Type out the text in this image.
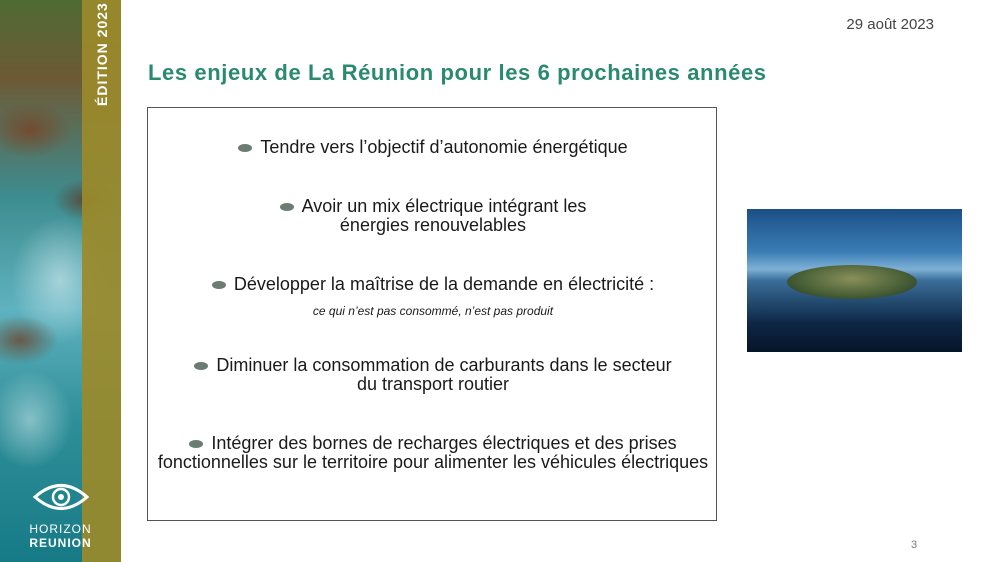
ÉDITION 2023
HORIZON
REUNION
29 août 2023
Les enjeux de La Réunion pour les 6 prochaines années
Tendre vers l’objectif d’autonomie énergétique
Avoir un mix électrique intégrant les énergies renouvelables
Développer la maîtrise de la demande en électricité :
ce qui n’est pas consommé, n’est pas produit
Diminuer la consommation de carburants dans le secteur du transport routier
Intégrer des bornes de recharges électriques et des prises fonctionnelles sur le territoire pour alimenter les véhicules électriques
3
